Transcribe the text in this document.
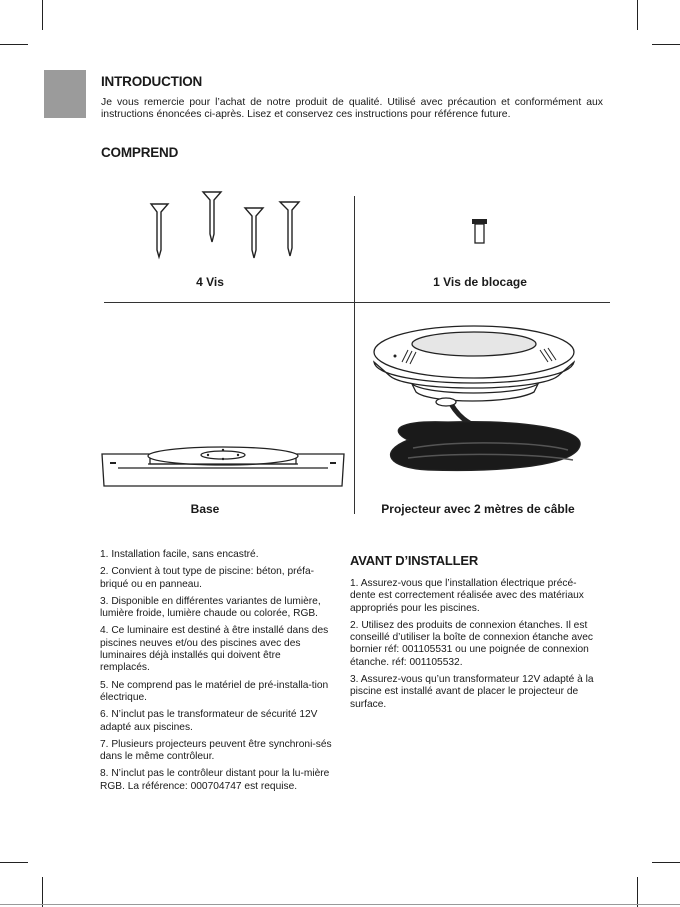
INTRODUCTION

Je vous remercie pour l’achat de notre produit de qualité. Utilisé avec précaution et conformément aux instructions énoncées ci-après. Lisez et conservez ces instructions pour référence future.

COMPREND
4 Vis	1 Vis de blocage
Base	Projecteur avec 2 mètres de câble
1. Installation facile, sans encastré.
2. Convient à tout type de piscine: béton, préfa-briqué ou en panneau.
3. Disponible en différentes variantes de lumière, lumière froide, lumière chaude ou colorée, RGB.
4. Ce luminaire est destiné à être installé dans des piscines neuves et/ou des piscines avec des luminaires déjà installés qui doivent être remplacés.
5. Ne comprend pas le matériel de pré-installa-tion électrique.
6. N’inclut pas le transformateur de sécurité 12V adapté aux piscines.
7. Plusieurs projecteurs peuvent être synchroni-sés dans le même contrôleur.
8. N’inclut pas le contrôleur distant pour la lu-mière RGB. La référence: 000704747 est requise.
AVANT D’INSTALLER
1. Assurez-vous que l’installation électrique précé-dente est correctement réalisée avec des matériaux appropriés pour les piscines.
2. Utilisez des produits de connexion étanches. Il est conseillé d’utiliser la boîte de connexion étanche avec bornier réf: 001105531 ou une poignée de connexion étanche. réf: 001105532.
3. Assurez-vous qu’un transformateur 12V adapté à la piscine est installé avant de placer le projecteur de surface.
